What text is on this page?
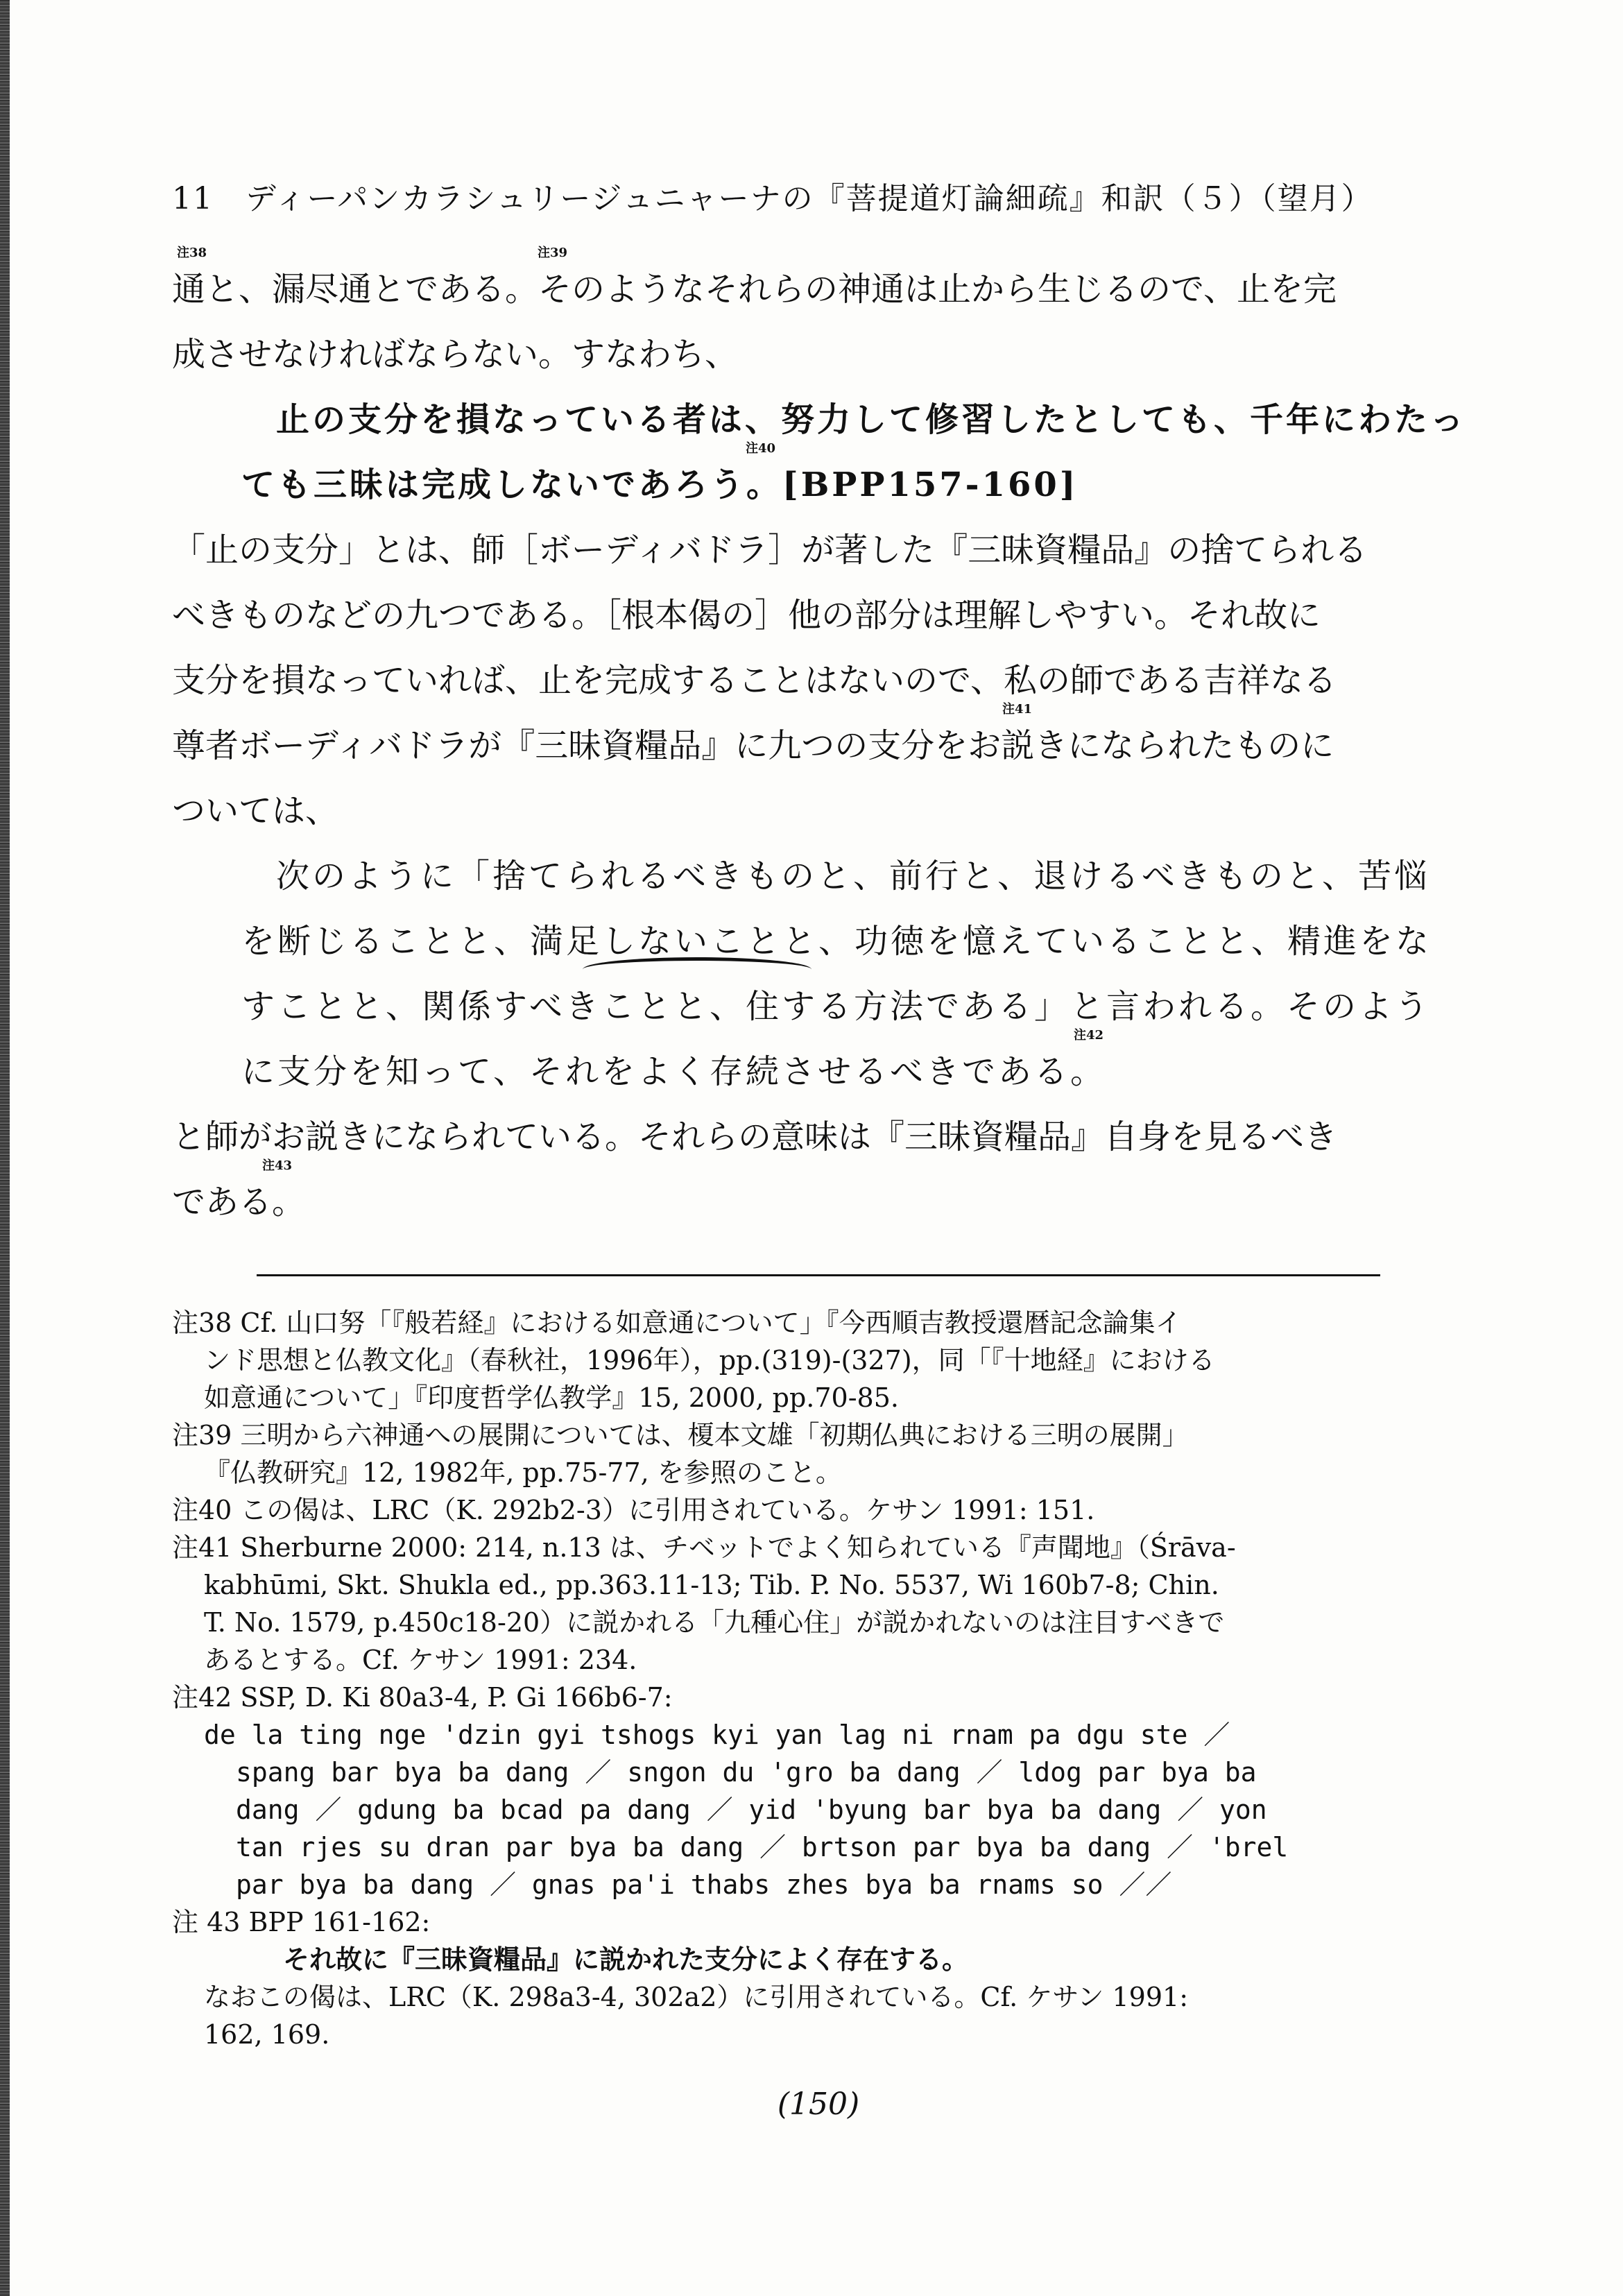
11　ディーパンカラシュリージュニャーナの『菩提道灯論細疏』和訳（５）（望月）
通と、漏尽通とである。そのようなそれらの神通は止から生じるので、止を完
成させなければならない。すなわち、
止の支分を損なっている者は、努力して修習したとしても、千年にわたっ
ても三昧は完成しないであろう。[BPP157-160]
「止の支分」とは、師［ボーディバドラ］が著した『三昧資糧品』の捨てられる
べきものなどの九つである。［根本偈の］他の部分は理解しやすい。それ故に
支分を損なっていれば、止を完成することはないので、私の師である吉祥なる
尊者ボーディバドラが『三昧資糧品』に九つの支分をお説きになられたものに
ついては、
次のように「捨てられるべきものと、前行と、退けるべきものと、苦悩
を断じることと、満足しないことと、功徳を憶えていることと、精進をな
すことと、関係すべきことと、住する方法である」と言われる。そのよう
に支分を知って、それをよく存続させるべきである。
と師がお説きになられている。それらの意味は『三昧資糧品』自身を見るべき
である。
注38	注39
注40
注41
注42
注43
注38 Cf. 山口努「『般若経』における如意通について」『今西順吉教授還暦記念論集イ
ンド思想と仏教文化』（春秋社，1996年），pp.(319)-(327)，同「『十地経』における
如意通について」『印度哲学仏教学』15, 2000, pp.70-85.
注39 三明から六神通への展開については、榎本文雄「初期仏典における三明の展開」
『仏教研究』12, 1982年, pp.75-77, を参照のこと。
注40 この偈は、LRC（K. 292b2-3）に引用されている。ケサン 1991: 151.
注41 Sherburne 2000: 214, n.13 は、チベットでよく知られている『声聞地』（Śrāva-
kabhūmi, Skt. Shukla ed., pp.363.11-13; Tib. P. No. 5537, Wi 160b7-8; Chin.
T. No. 1579, p.450c18-20）に説かれる「九種心住」が説かれないのは注目すべきで
あるとする。Cf. ケサン 1991: 234.
注42 SSP, D. Ki 80a3-4, P. Gi 166b6-7:
de la ting nge 'dzin gyi tshogs kyi yan lag ni rnam pa dgu ste ／
spang bar bya ba dang ／ sngon du 'gro ba dang ／ ldog par bya ba
dang ／ gdung ba bcad pa dang ／ yid 'byung bar bya ba dang ／ yon
tan rjes su dran par bya ba dang ／ brtson par bya ba dang ／ 'brel
par bya ba dang ／ gnas pa'i thabs zhes bya ba rnams so ／／
注 43 BPP 161-162:
それ故に『三昧資糧品』に説かれた支分によく存在する。
なおこの偈は、LRC（K. 298a3-4, 302a2）に引用されている。Cf. ケサン 1991:
162, 169.
(150)
